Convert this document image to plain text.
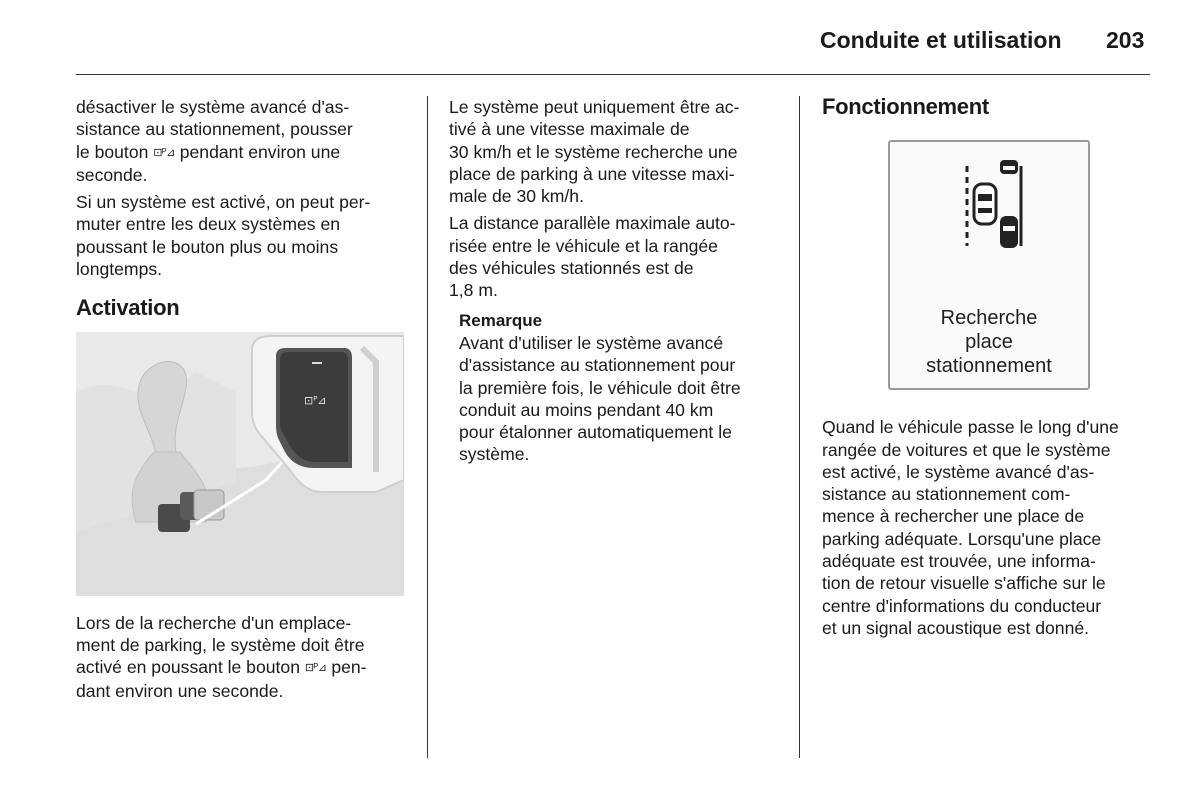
Conduite et utilisation 203

désactiver le système avancé d'as-
sistance au stationnement, pousser
le bouton ⊡ᴾ⊿ pendant environ une
seconde.

Si un système est activé, on peut per-
muter entre les deux systèmes en
poussant le bouton plus ou moins
longtemps.

Activation
⊡ᴾ⊿

Lors de la recherche d'un emplace-
ment de parking, le système doit être
activé en poussant le bouton ⊡ᴾ⊿ pen-
dant environ une seconde.

Le système peut uniquement être ac-
tivé à une vitesse maximale de
30 km/h et le système recherche une
place de parking à une vitesse maxi-
male de 30 km/h.

La distance parallèle maximale auto-
risée entre le véhicule et la rangée
des véhicules stationnés est de
1,8 m.

Remarque

Avant d'utiliser le système avancé
d'assistance au stationnement pour
la première fois, le véhicule doit être
conduit au moins pendant 40 km
pour étalonner automatiquement le
système.

Fonctionnement
Recherche
place
stationnement

Quand le véhicule passe le long d'une
rangée de voitures et que le système
est activé, le système avancé d'as-
sistance au stationnement com-
mence à rechercher une place de
parking adéquate. Lorsqu'une place
adéquate est trouvée, une informa-
tion de retour visuelle s'affiche sur le
centre d'informations du conducteur
et un signal acoustique est donné.
